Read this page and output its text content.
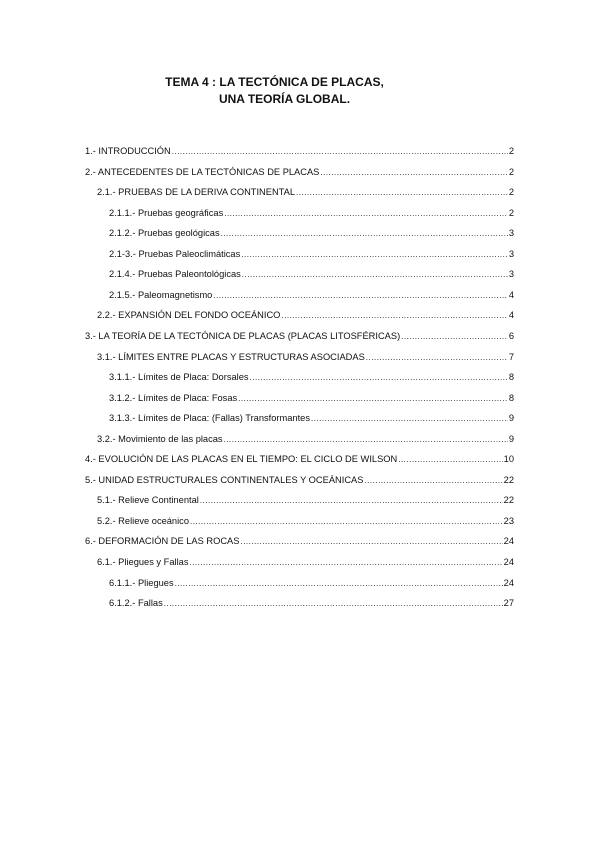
TEMA 4 : LA TECTÓNICA DE PLACAS,
UNA TEORÍA GLOBAL.
1.- INTRODUCCIÓN .....	2
2.- ANTECEDENTES DE LA TECTÓNICAS DE PLACAS .....	2
2.1.- PRUEBAS DE LA DERIVA CONTINENTAL .....	2
2.1.1.- Pruebas geográficas .....	2
2.1.2.- Pruebas geológicas .....	3
2.1-3.- Pruebas Paleoclimáticas .....	3
2.1.4.- Pruebas Paleontológicas .....	3
2.1.5.- Paleomagnetismo .....	4
2.2.- EXPANSIÓN DEL FONDO OCEÁNICO .....	4
3.- LA TEORÍA DE LA TECTÓNICA DE PLACAS (PLACAS LITOSFÉRICAS) .....	6
3.1.- LÍMITES ENTRE PLACAS Y ESTRUCTURAS ASOCIADAS .....	7
3.1.1.- Límites de Placa: Dorsales .....	8
3.1.2.- Límites de Placa: Fosas .....	8
3.1.3.- Límites de Placa: (Fallas) Transformantes .....	9
3.2.- Movimiento de las placas .....	9
4.- EVOLUCIÓN DE LAS PLACAS EN EL TIEMPO: EL CICLO DE WILSON .....	10
5.- UNIDAD ESTRUCTURALES CONTINENTALES Y OCEÁNICAS .....	22
5.1.- Relieve Continental .....	22
5.2.- Relieve oceánico .....	23
6.- DEFORMACIÓN DE LAS ROCAS .....	24
6.1.- Pliegues y Fallas .....	24
6.1.1.- Pliegues .....	24
6.1.2.- Fallas .....	27
